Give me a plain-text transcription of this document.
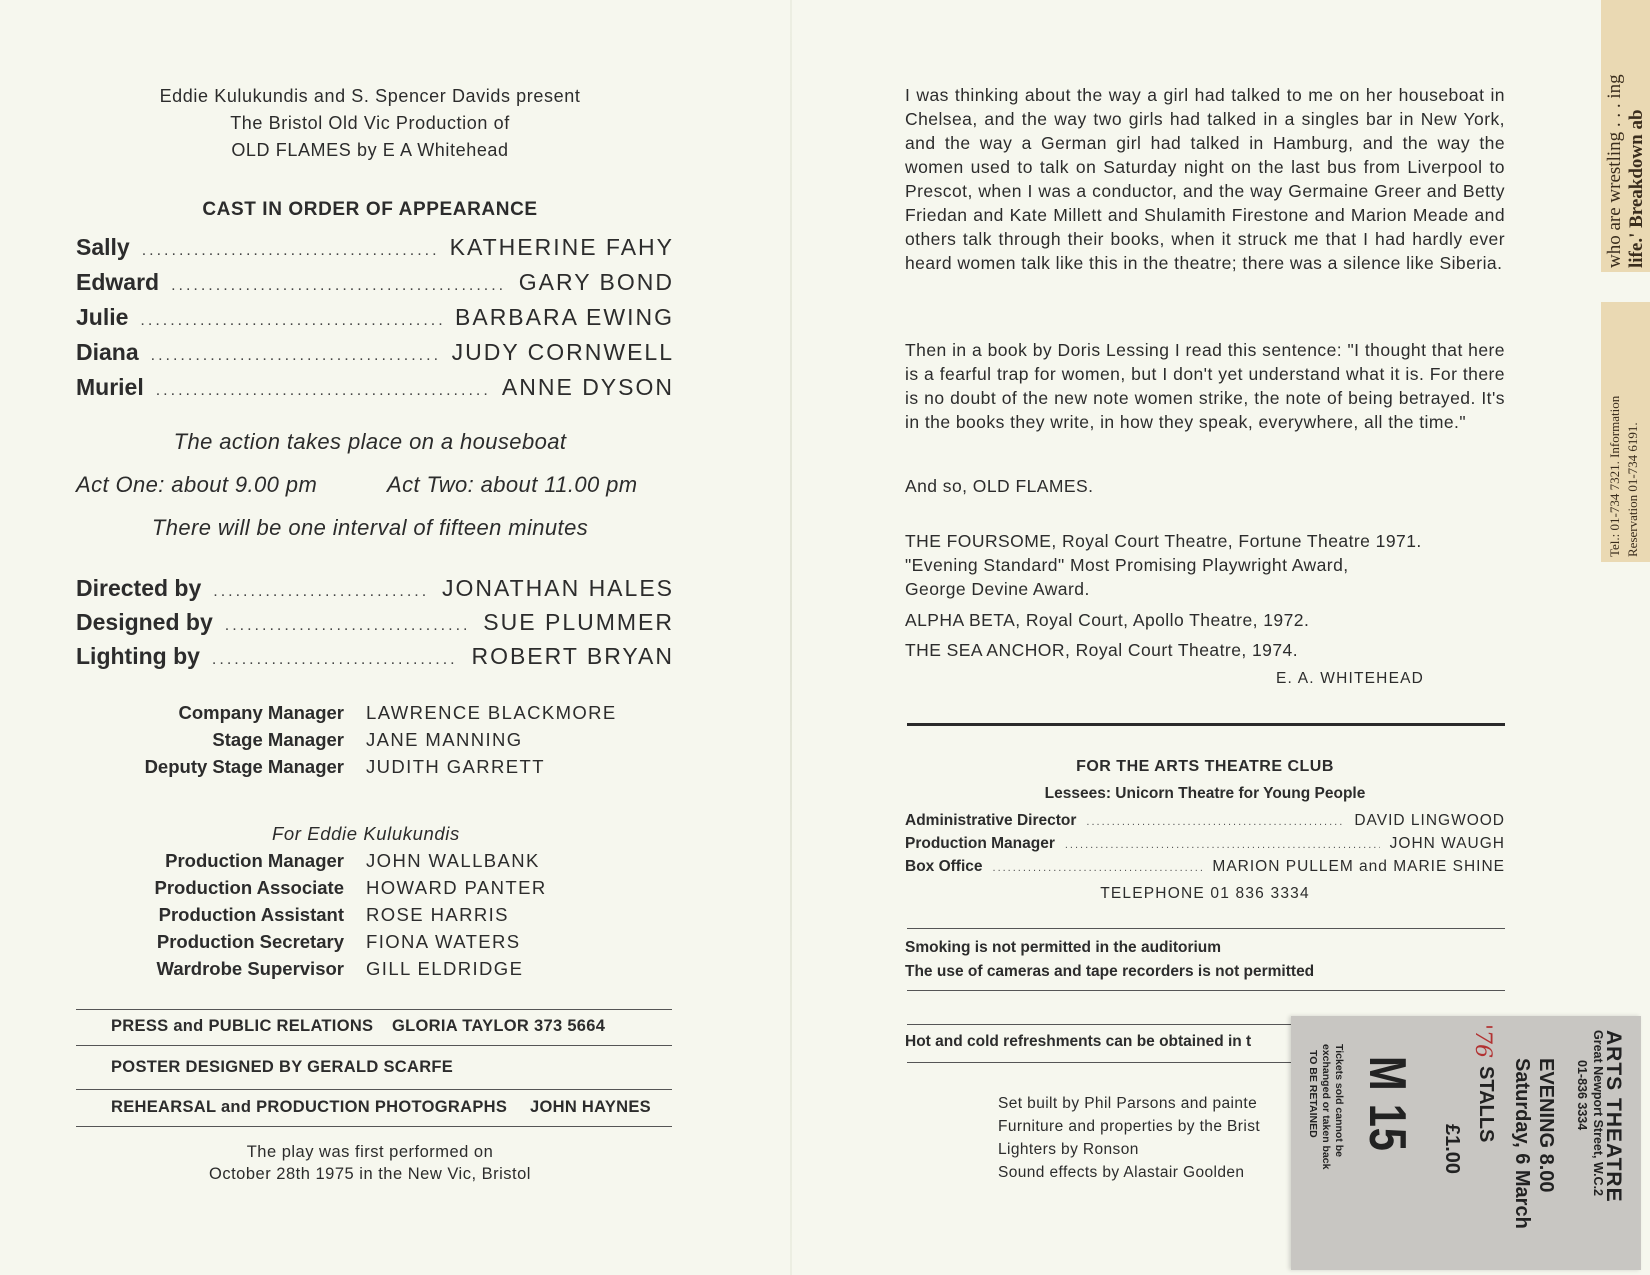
Eddie Kulukundis and S. Spencer Davids present
The Bristol Old Vic Production of
OLD FLAMES by E A Whitehead
CAST IN ORDER OF APPEARANCE
Sally .....	KATHERINE FAHY
Edward .....	GARY BOND
Julie .....	BARBARA EWING
Diana .....	JUDY CORNWELL
Muriel .....	ANNE DYSON
The action takes place on a houseboat
Act One: about 9.00 pm	Act Two: about 11.00 pm
There will be one interval of fifteen minutes
Directed by .....	JONATHAN HALES
Designed by .....	SUE PLUMMER
Lighting by .....	ROBERT BRYAN
Company Manager	LAWRENCE BLACKMORE
Stage Manager	JANE MANNING
Deputy Stage Manager	JUDITH GARRETT
For Eddie Kulukundis
Production Manager	JOHN WALLBANK
Production Associate	HOWARD PANTER
Production Assistant	ROSE HARRIS
Production Secretary	FIONA WATERS
Wardrobe Supervisor	GILL ELDRIDGE
PRESS and PUBLIC RELATIONS GLORIA TAYLOR 373 5664
POSTER DESIGNED BY GERALD SCARFE
REHEARSAL and PRODUCTION PHOTOGRAPHS JOHN HAYNES
The play was first performed on
October 28th 1975 in the New Vic, Bristol
I was thinking about the way a girl had talked to me on her houseboat in Chelsea, and the way two girls had talked in a singles bar in New York, and the way a German girl had talked in Hamburg, and the way the women used to talk on Saturday night on the last bus from Liverpool to Prescot, when I was a conductor, and the way Germaine Greer and Betty Friedan and Kate Millett and Shulamith Firestone and Marion Meade and others talk through their books, when it struck me that I had hardly ever heard women talk like this in the theatre; there was a silence like Siberia.
Then in a book by Doris Lessing I read this sentence: "I thought that here is a fearful trap for women, but I don't yet understand what it is. For there is no doubt of the new note women strike, the note of being betrayed. It's in the books they write, in how they speak, everywhere, all the time."
And so, OLD FLAMES.
THE FOURSOME, Royal Court Theatre, Fortune Theatre 1971.
"Evening Standard" Most Promising Playwright Award,
George Devine Award.
ALPHA BETA, Royal Court, Apollo Theatre, 1972.
THE SEA ANCHOR, Royal Court Theatre, 1974.
E. A. WHITEHEAD
FOR THE ARTS THEATRE CLUB
Lessees: Unicorn Theatre for Young People
Administrative Director .....	DAVID LINGWOOD
Production Manager .....	JOHN WAUGH
Box Office .....	MARION PULLEM and MARIE SHINE
TELEPHONE 01 836 3334
Smoking is not permitted in the auditorium
The use of cameras and tape recorders is not permitted
Hot and cold refreshments can be obtained in t
Set built by Phil Parsons and painte
Furniture and properties by the Brist
Lighters by Ronson
Sound effects by Alastair Goolden
who are wrestling . . . ing life.' Breakdown ab
Tel.: 01-734 7321. Information Reservation 01-734 6191.
ARTS THEATRE
Great Newport Street, W.C.2
01-836 3334
EVENING 8.00
Saturday, 6 March
'76
STALLS
£1.00
M 15
Tickets sold cannot be
exchanged or taken back
TO BE RETAINED
